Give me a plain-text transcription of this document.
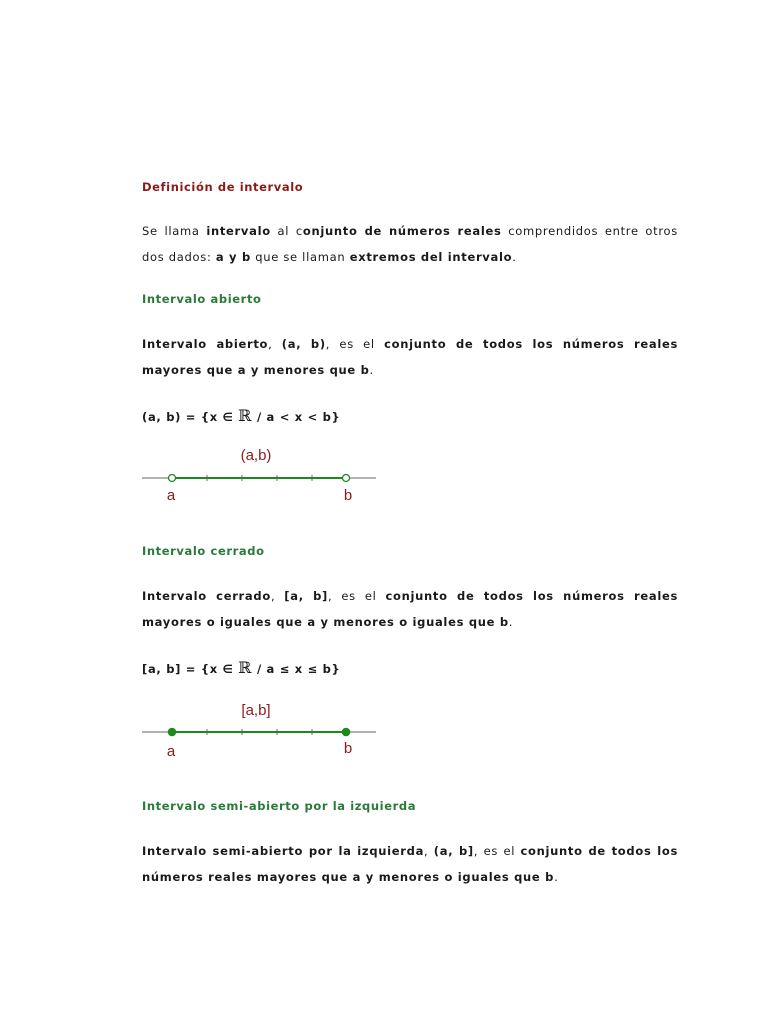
Definición de intervalo
Se llama intervalo al conjunto de números reales comprendidos entre otros dos dados: a y b que se llaman extremos del intervalo.
Intervalo abierto
Intervalo abierto, (a, b), es el conjunto de todos los números reales mayores que a y menores que b.
(a, b) = {x ∈ ℝ / a < x < b}
(a,b)
a	b
Intervalo cerrado
Intervalo cerrado, [a, b], es el conjunto de todos los números reales mayores o iguales que a y menores o iguales que b.
[a, b] = {x ∈ ℝ / a ≤ x ≤ b}
[a,b]
a	b
Intervalo semi-abierto por la izquierda
Intervalo semi-abierto por la izquierda, (a, b], es el conjunto de todos los números reales mayores que a y menores o iguales que b.
